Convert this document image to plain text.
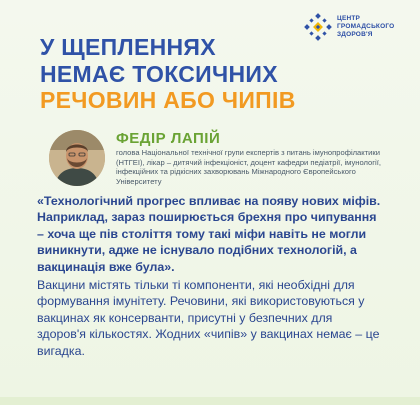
ЦЕНТР
ГРОМАДСЬКОГО
ЗДОРОВ'Я
У ЩЕПЛЕННЯХ
НЕМАЄ ТОКСИЧНИХ
РЕЧОВИН АБО ЧИПІВ
ФЕДІР ЛАПІЙ
голова Національної технічної групи експертів з питань імунопрофілактики (НТГЕІ), лікар – дитячий інфекціоніст, доцент кафедри педіатрії, імунології, інфекційних та рідкісних захворювань Міжнародного Європейського Університету
«Технологічний прогрес впливає на появу нових міфів. Наприклад, зараз поширюється брехня про чипування – хоча ще пів століття тому такі міфи навіть не могли виникнути, адже не існувало подібних технологій, а вакцинація вже була».
Вакцини містять тільки ті компоненти, які необхідні для формування імунітету. Речовини, які використовуються у вакцинах як консерванти, присутні у безпечних для здоров'я кількостях. Жодних «чипів» у вакцинах немає – це вигадка.
